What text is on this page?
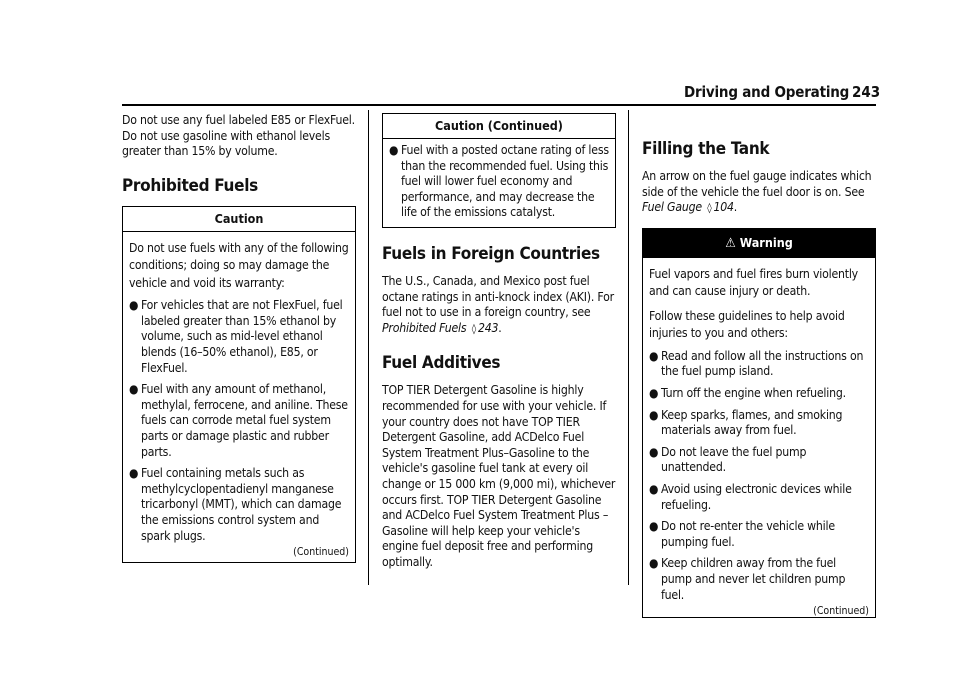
Driving and Operating 243

Do not use any fuel labeled E85 or FlexFuel. Do not use gasoline with ethanol levels greater than 15% by volume.

Prohibited Fuels
Caution

Do not use fuels with any of the following conditions; doing so may damage the vehicle and void its warranty:

● For vehicles that are not FlexFuel, fuel labeled greater than 15% ethanol by volume, such as mid-level ethanol blends (16–50% ethanol), E85, or FlexFuel.
● Fuel with any amount of methanol, methylal, ferrocene, and aniline. These fuels can corrode metal fuel system parts or damage plastic and rubber parts.
● Fuel containing metals such as methylcyclopentadienyl manganese tricarbonyl (MMT), which can damage the emissions control system and spark plugs.
(Continued)
Caution (Continued)
● Fuel with a posted octane rating of less than the recommended fuel. Using this fuel will lower fuel economy and performance, and may decrease the life of the emissions catalyst.
Fuels in Foreign Countries

The U.S., Canada, and Mexico post fuel octane ratings in anti-knock index (AKI). For fuel not to use in a foreign country, see Prohibited Fuels ◊ 243.

Fuel Additives

TOP TIER Detergent Gasoline is highly recommended for use with your vehicle. If your country does not have TOP TIER Detergent Gasoline, add ACDelco Fuel System Treatment Plus–Gasoline to the vehicle's gasoline fuel tank at every oil change or 15 000 km (9,000 mi), whichever occurs first. TOP TIER Detergent Gasoline and ACDelco Fuel System Treatment Plus –Gasoline will help keep your vehicle's engine fuel deposit free and performing optimally.

Filling the Tank

An arrow on the fuel gauge indicates which side of the vehicle the fuel door is on. See Fuel Gauge ◊ 104.

⚠ Warning

Fuel vapors and fuel fires burn violently and can cause injury or death.

Follow these guidelines to help avoid injuries to you and others:

● Read and follow all the instructions on the fuel pump island.
● Turn off the engine when refueling.
● Keep sparks, flames, and smoking materials away from fuel.
● Do not leave the fuel pump unattended.
● Avoid using electronic devices while refueling.
● Do not re-enter the vehicle while pumping fuel.
● Keep children away from the fuel pump and never let children pump fuel.
(Continued)
